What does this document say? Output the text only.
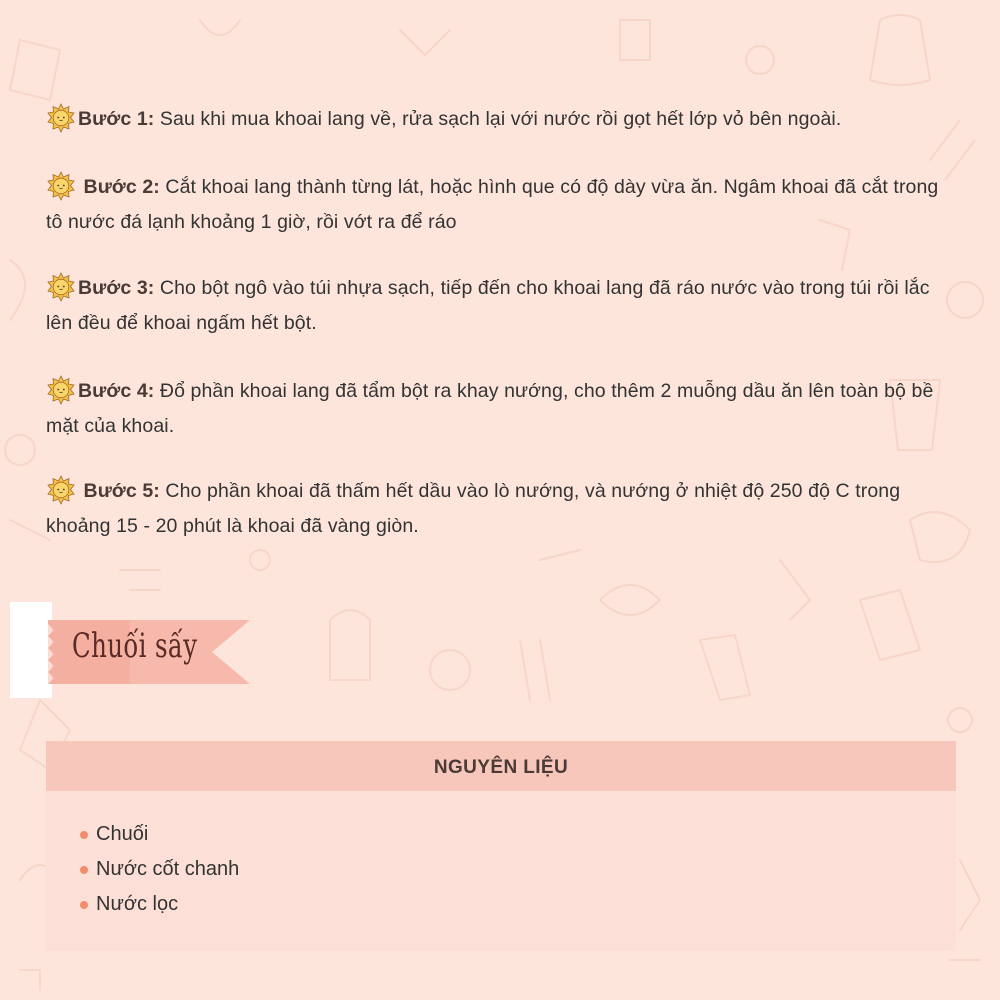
Bước 1: Sau khi mua khoai lang về, rửa sạch lại với nước rồi gọt hết lớp vỏ bên ngoài.
Bước 2: Cắt khoai lang thành từng lát, hoặc hình que có độ dày vừa ăn. Ngâm khoai đã cắt trong tô nước đá lạnh khoảng 1 giờ, rồi vớt ra để ráo
Bước 3: Cho bột ngô vào túi nhựa sạch, tiếp đến cho khoai lang đã ráo nước vào trong túi rồi lắc lên đều để khoai ngấm hết bột.
Bước 4: Đổ phần khoai lang đã tẩm bột ra khay nướng, cho thêm 2 muỗng dầu ăn lên toàn bộ bề mặt của khoai.
Bước 5: Cho phần khoai đã thấm hết dầu vào lò nướng, và nướng ở nhiệt độ 250 độ C trong khoảng 15 - 20 phút là khoai đã vàng giòn.
Chuối sấy
NGUYÊN LIỆU
Chuối
Nước cốt chanh
Nước lọc
